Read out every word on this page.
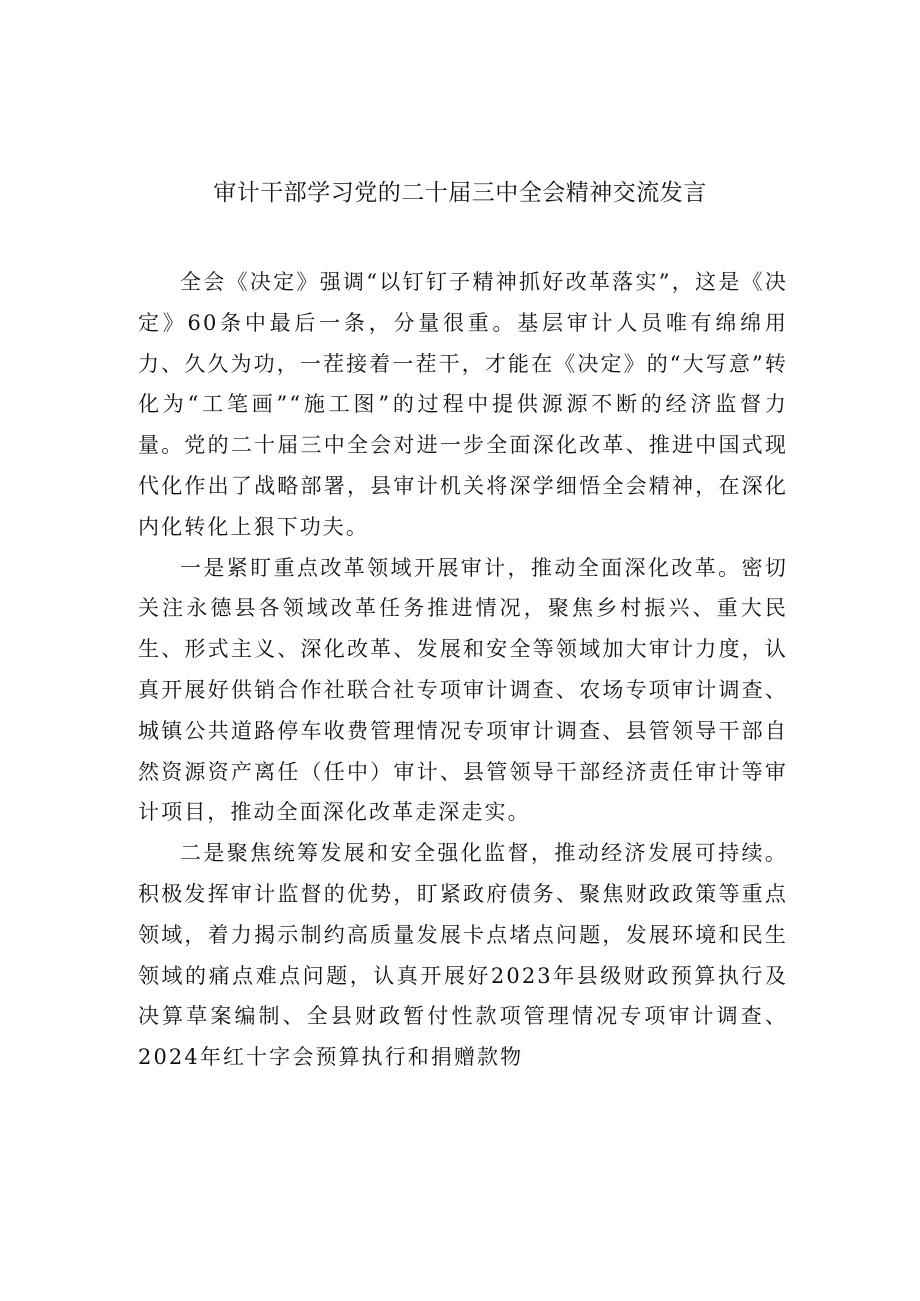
审计干部学习党的二十届三中全会精神交流发言

全会《决定》强调“以钉钉子精神抓好改革落实”，这是《决定》60条中最后一条，分量很重。基层审计人员唯有绵绵用力、久久为功，一茬接着一茬干，才能在《决定》的“大写意”转化为“工笔画”“施工图”的过程中提供源源不断的经济监督力量。党的二十届三中全会对进一步全面深化改革、推进中国式现代化作出了战略部署，县审计机关将深学细悟全会精神，在深化内化转化上狠下功夫。

一是紧盯重点改革领域开展审计，推动全面深化改革。密切关注永德县各领域改革任务推进情况，聚焦乡村振兴、重大民生、形式主义、深化改革、发展和安全等领域加大审计力度，认真开展好供销合作社联合社专项审计调查、农场专项审计调查、城镇公共道路停车收费管理情况专项审计调查、县管领导干部自然资源资产离任（任中）审计、县管领导干部经济责任审计等审计项目，推动全面深化改革走深走实。

二是聚焦统筹发展和安全强化监督，推动经济发展可持续。积极发挥审计监督的优势，盯紧政府债务、聚焦财政政策等重点领域，着力揭示制约高质量发展卡点堵点问题，发展环境和民生领域的痛点难点问题，认真开展好2023年县级财政预算执行及决算草案编制、全县财政暂付性款项管理情况专项审计调查、2024年红十字会预算执行和捐赠款物
